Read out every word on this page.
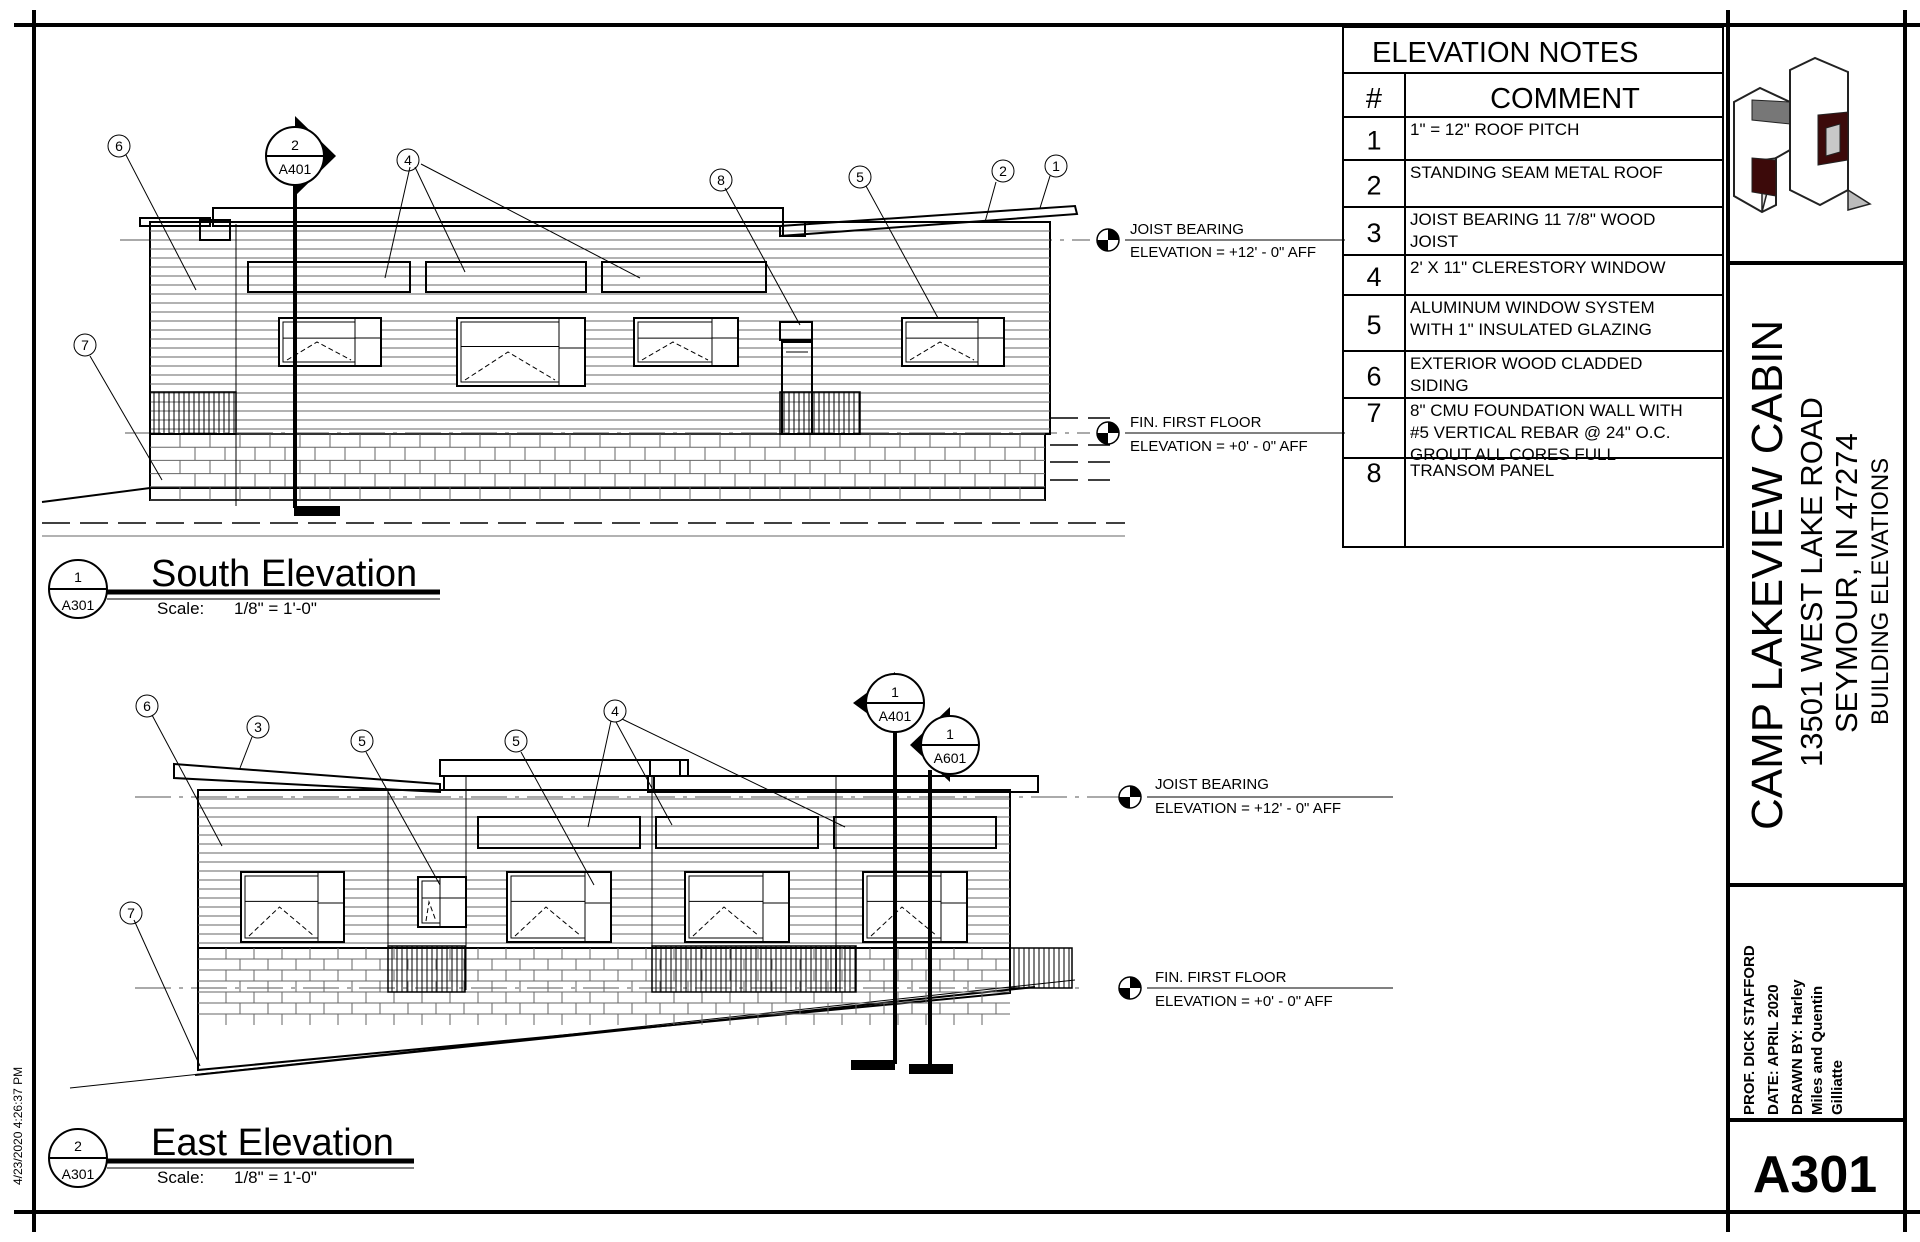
4/23/2020 4:26:37 PM
1 1" = 12" ROOF PITCH
2 STANDING SEAM METAL ROOF
3 JOIST BEARING 11 7/8" WOOD
JOIST
4 2' X 11" CLERESTORY WINDOW
5
ALUMINUM WINDOW SYSTEM
WITH 1" INSULATED GLAZING
6 EXTERIOR WOOD CLADDED
SIDING
7 8" CMU FOUNDATION WALL WITH
#5 VERTICAL REBAR @ 24" O.C.
GROUT ALL CORES FULL
8 TRANSOM PANEL
ELEVATION NOTES
#	COMMENT
CAMP LAKEVIEW CABIN 13501 WEST LAKE ROAD SEYMOUR, IN 47274 BUILDING ELEVATIONS
PROF. DICK STAFFORD DATE: APRIL 2020 DRAWN BY: Harley Miles and Quentin Gilliatte
A301
2
A401
JOIST BEARING
ELEVATION = +12' - 0" AFF
FIN. FIRST FLOOR
ELEVATION = +0' - 0" AFF
6
4
8	5	2	1
7
1
A301
South Elevation
Scale: 1/8" = 1'-0"
1
A401
1
A601
JOIST BEARING
ELEVATION = +12' - 0" AFF
FIN. FIRST FLOOR
ELEVATION = +0' - 0" AFF
6
3
5	5
4
7
2
A301
East Elevation
Scale: 1/8" = 1'-0"
